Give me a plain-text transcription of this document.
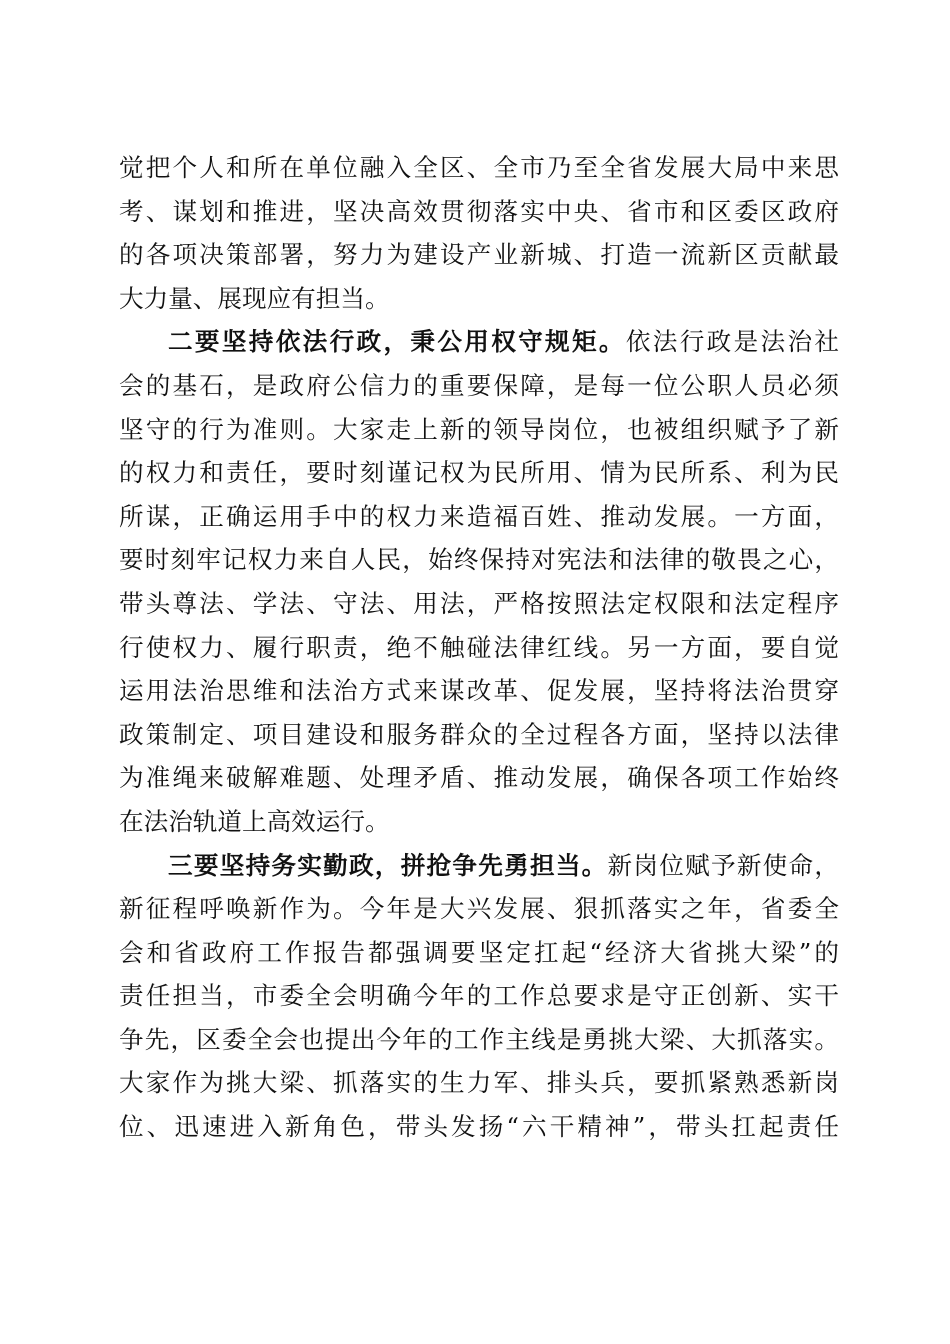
觉把个人和所在单位融入全区、全市乃至全省发展大局中来思
考、谋划和推进，坚决高效贯彻落实中央、省市和区委区政府
的各项决策部署，努力为建设产业新城、打造一流新区贡献最
大力量、展现应有担当。
二要坚持依法行政，秉公用权守规矩。依法行政是法治社
会的基石，是政府公信力的重要保障，是每一位公职人员必须
坚守的行为准则。大家走上新的领导岗位，也被组织赋予了新
的权力和责任，要时刻谨记权为民所用、情为民所系、利为民
所谋，正确运用手中的权力来造福百姓、推动发展。一方面，
要时刻牢记权力来自人民，始终保持对宪法和法律的敬畏之心，
带头尊法、学法、守法、用法，严格按照法定权限和法定程序
行使权力、履行职责，绝不触碰法律红线。另一方面，要自觉
运用法治思维和法治方式来谋改革、促发展，坚持将法治贯穿
政策制定、项目建设和服务群众的全过程各方面，坚持以法律
为准绳来破解难题、处理矛盾、推动发展，确保各项工作始终
在法治轨道上高效运行。
三要坚持务实勤政，拼抢争先勇担当。新岗位赋予新使命，
新征程呼唤新作为。今年是大兴发展、狠抓落实之年，省委全
会和省政府工作报告都强调要坚定扛起“经济大省挑大梁”的
责任担当，市委全会明确今年的工作总要求是守正创新、实干
争先，区委全会也提出今年的工作主线是勇挑大梁、大抓落实。
大家作为挑大梁、抓落实的生力军、排头兵，要抓紧熟悉新岗
位、迅速进入新角色，带头发扬“六干精神”，带头扛起责任
